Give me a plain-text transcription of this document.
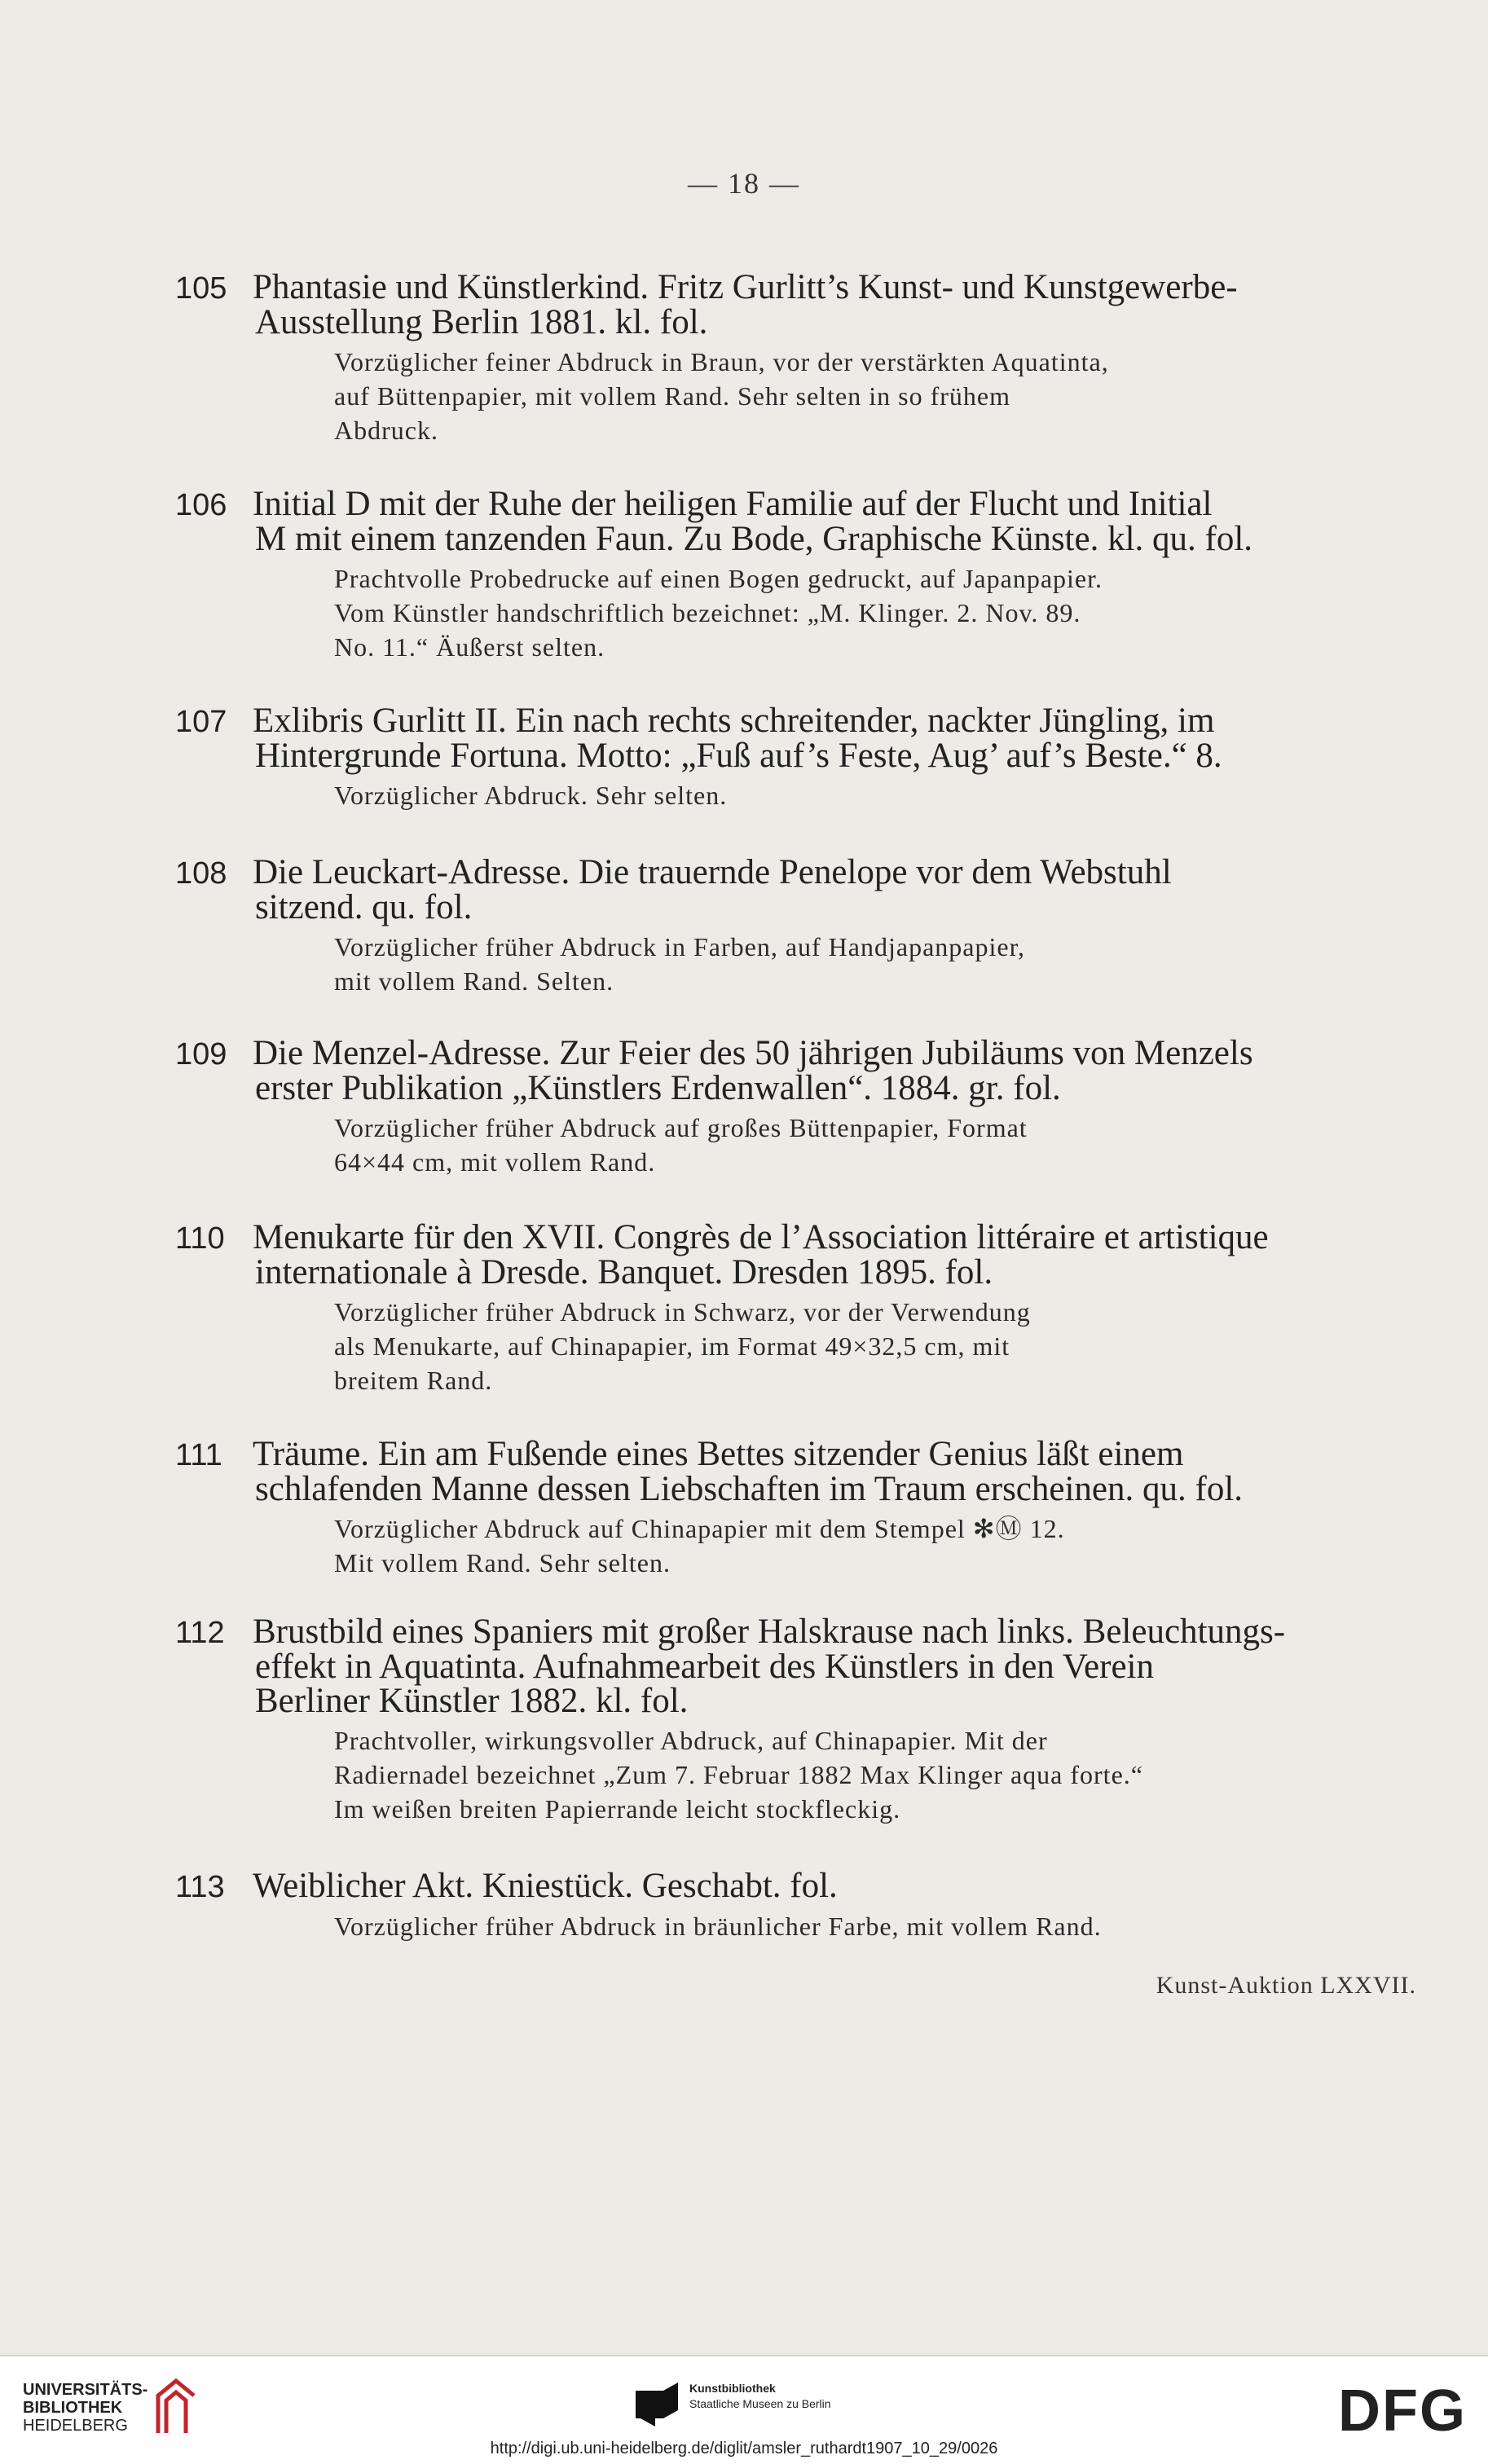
— 18 —
105 Phantasie und Künstlerkind. Fritz Gurlitt’s Kunst- und Kunstgewerbe-
Ausstellung Berlin 1881. kl. fol.
Vorzüglicher feiner Abdruck in Braun, vor der verstärkten Aquatinta,
auf Büttenpapier, mit vollem Rand. Sehr selten in so frühem
Abdruck.
106 Initial D mit der Ruhe der heiligen Familie auf der Flucht und Initial
M mit einem tanzenden Faun. Zu Bode, Graphische Künste. kl. qu. fol.
Prachtvolle Probedrucke auf einen Bogen gedruckt, auf Japanpapier.
Vom Künstler handschriftlich bezeichnet: „M. Klinger. 2. Nov. 89.
No. 11.“ Äußerst selten.
107 Exlibris Gurlitt II. Ein nach rechts schreitender, nackter Jüngling, im
Hintergrunde Fortuna. Motto: „Fuß auf’s Feste, Aug’ auf’s Beste.“ 8.
Vorzüglicher Abdruck. Sehr selten.
108 Die Leuckart-Adresse. Die trauernde Penelope vor dem Webstuhl
sitzend. qu. fol.
Vorzüglicher früher Abdruck in Farben, auf Handjapanpapier,
mit vollem Rand. Selten.
109 Die Menzel-Adresse. Zur Feier des 50 jährigen Jubiläums von Menzels
erster Publikation „Künstlers Erdenwallen“. 1884. gr. fol.
Vorzüglicher früher Abdruck auf großes Büttenpapier, Format
64×44 cm, mit vollem Rand.
110 Menukarte für den XVII. Congrès de l’Association littéraire et artistique
internationale à Dresde. Banquet. Dresden 1895. fol.
Vorzüglicher früher Abdruck in Schwarz, vor der Verwendung
als Menukarte, auf Chinapapier, im Format 49×32,5 cm, mit
breitem Rand.
111 Träume. Ein am Fußende eines Bettes sitzender Genius läßt einem
schlafenden Manne dessen Liebschaften im Traum erscheinen. qu. fol.
Vorzüglicher Abdruck auf Chinapapier mit dem Stempel ✻Ⓜ 12.
Mit vollem Rand. Sehr selten.
112 Brustbild eines Spaniers mit großer Halskrause nach links. Beleuchtungs-
effekt in Aquatinta. Aufnahmearbeit des Künstlers in den Verein
Berliner Künstler 1882. kl. fol.
Prachtvoller, wirkungsvoller Abdruck, auf Chinapapier. Mit der
Radiernadel bezeichnet „Zum 7. Februar 1882 Max Klinger aqua forte.“
Im weißen breiten Papierrande leicht stockfleckig.
113 Weiblicher Akt. Kniestück. Geschabt. fol.
Vorzüglicher früher Abdruck in bräunlicher Farbe, mit vollem Rand.
Kunst-Auktion LXXVII.
UNIVERSITÄTS-
BIBLIOTHEK
HEIDELBERG
Kunstbibliothek
Staatliche Museen zu Berlin	DFG
http://digi.ub.uni-heidelberg.de/diglit/amsler_ruthardt1907_10_29/0026
